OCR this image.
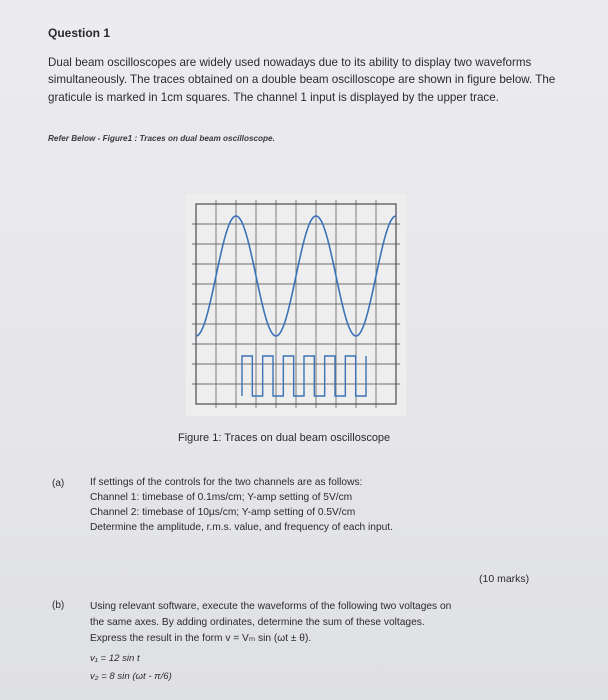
Question 1

Dual beam oscilloscopes are widely used nowadays due to its ability to display two waveforms simultaneously. The traces obtained on a double beam oscilloscope are shown in figure below. The graticule is marked in 1cm squares. The channel 1 input is displayed by the upper trace.

Refer Below - Figure1 : Traces on dual beam oscilloscope.
Figure 1: Traces on dual beam oscilloscope
(a)	If settings of the controls for the two channels are as follows:
Channel 1: timebase of 0.1ms/cm; Y-amp setting of 5V/cm
Channel 2: timebase of 10µs/cm; Y-amp setting of 0.5V/cm
Determine the amplitude, r.m.s. value, and frequency of each input.
(10 marks)
(b)	Using relevant software, execute the waveforms of the following two voltages on
the same axes. By adding ordinates, determine the sum of these voltages.
Express the result in the form v = Vₘ sin (ωt ± θ).
v₁ = 12 sin t
v₂ = 8 sin (ωt - π/6)
